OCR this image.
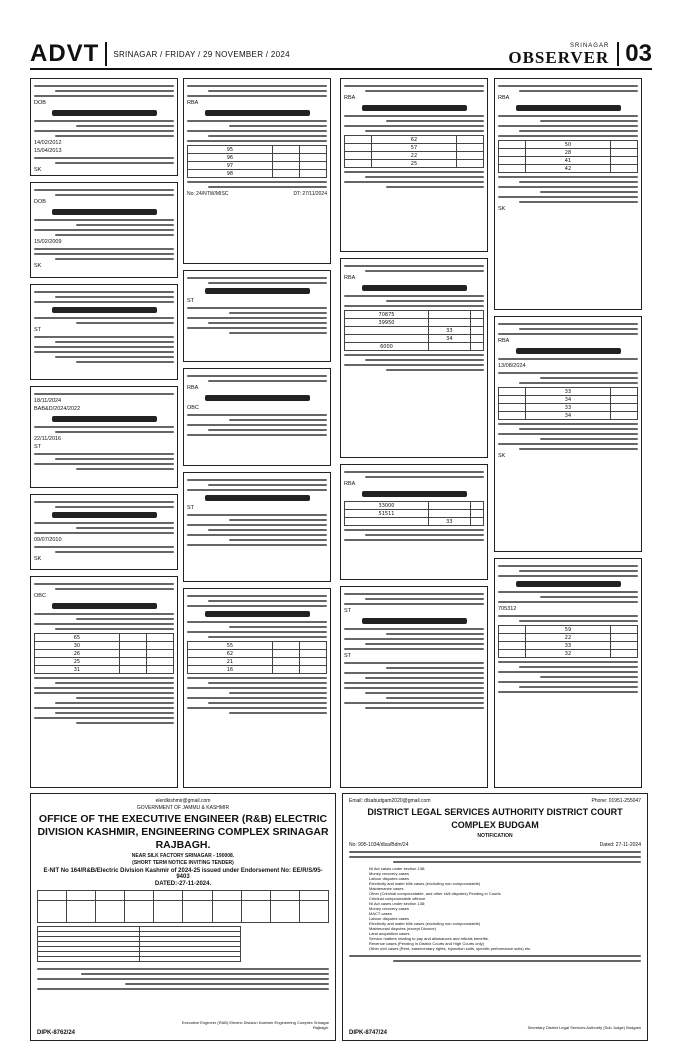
ADVT	SRINAGAR / FRIDAY / 29 NOVEMBER / 2024
SRINAGAR
OBSERVER 03
DOB
14/02/2012
15/04/2013
SK
DOB
15/02/2009
SK
ST
18/11/2024
BAB&D/2024/2022
22/11/2016
ST
09/07/2010
SK
OBC
65		
30		
26		
25		
31		
RBA
95		
96		
97		
98		
No: 24/NTW/MISC	DT: 27/11/2024
ST
RBA
OBC
ST
55		
62		
21		
16		
RBA
	62	
	57	
	22	
	25	
RBA
70875		
39950		
	33	
	34	
6000		
RBA
33000		
51511		
	33	
ST
ST
RBA
	50	
	28	
	41	
	42	
SK
RBA
13/08/2024
	33	
	34	
	33	
	34	
SK
705312
	59	
	22	
	33	
	32	
elerdkishmir@gmail.com
GOVERNMENT OF JAMMU & KASHMIR
OFFICE OF THE EXECUTIVE ENGINEER (R&B) ELECTRIC DIVISION KASHMIR, ENGINEERING COMPLEX SRINAGAR RAJBAGH.
NEAR SILK FACTORY SRINAGAR - 190008.
(SHORT TERM NOTICE INVITING TENDER)
E-NIT No 164/R&B/Electric Division Kashmir of 2024-25 issued under Endorsement No: EE/R/S/95-9403
DATED:-27-11-2024.

Executive Engineer (R&B) Electric Division Kashmir Engineering Complex Srinagar Rajbagh.
DIPK-8762/24
Email: dlsabudgam2020@gmail.com	Phone: 01951-255047
DISTRICT LEGAL SERVICES AUTHORITY DISTRICT COURT COMPLEX BUDGAM
NOTIFICATION
No: 995-1034/dlsa/Bdm/24	Dated: 27-11-2024
NI Act cases under section 138;
Money recovery cases
Labour disputes cases
Electricity and water bills cases (excluding non compoundable)
Maintenance cases
Other (Criminal compoundable, and other civil disputes) Pending in Courts
Criminal compoundable offence
NI Act cases under section 138;
Money recovery cases
MACT cases
Labour disputes cases
Electricity and water bills cases (excluding non compoundable)
Matrimonial disputes (except Divorce)
Land acquisition cases
Service matters relating to pay and allowances and retirals benefits.
Revenue cases (Pending in District Courts and High Courts only)
Other civil cases (Rent, easementary rights, injunction suits, specific performance suits) etc.
Secretary District Legal Services Authority (Sub Judge) Budgam
DIPK-8747/24
